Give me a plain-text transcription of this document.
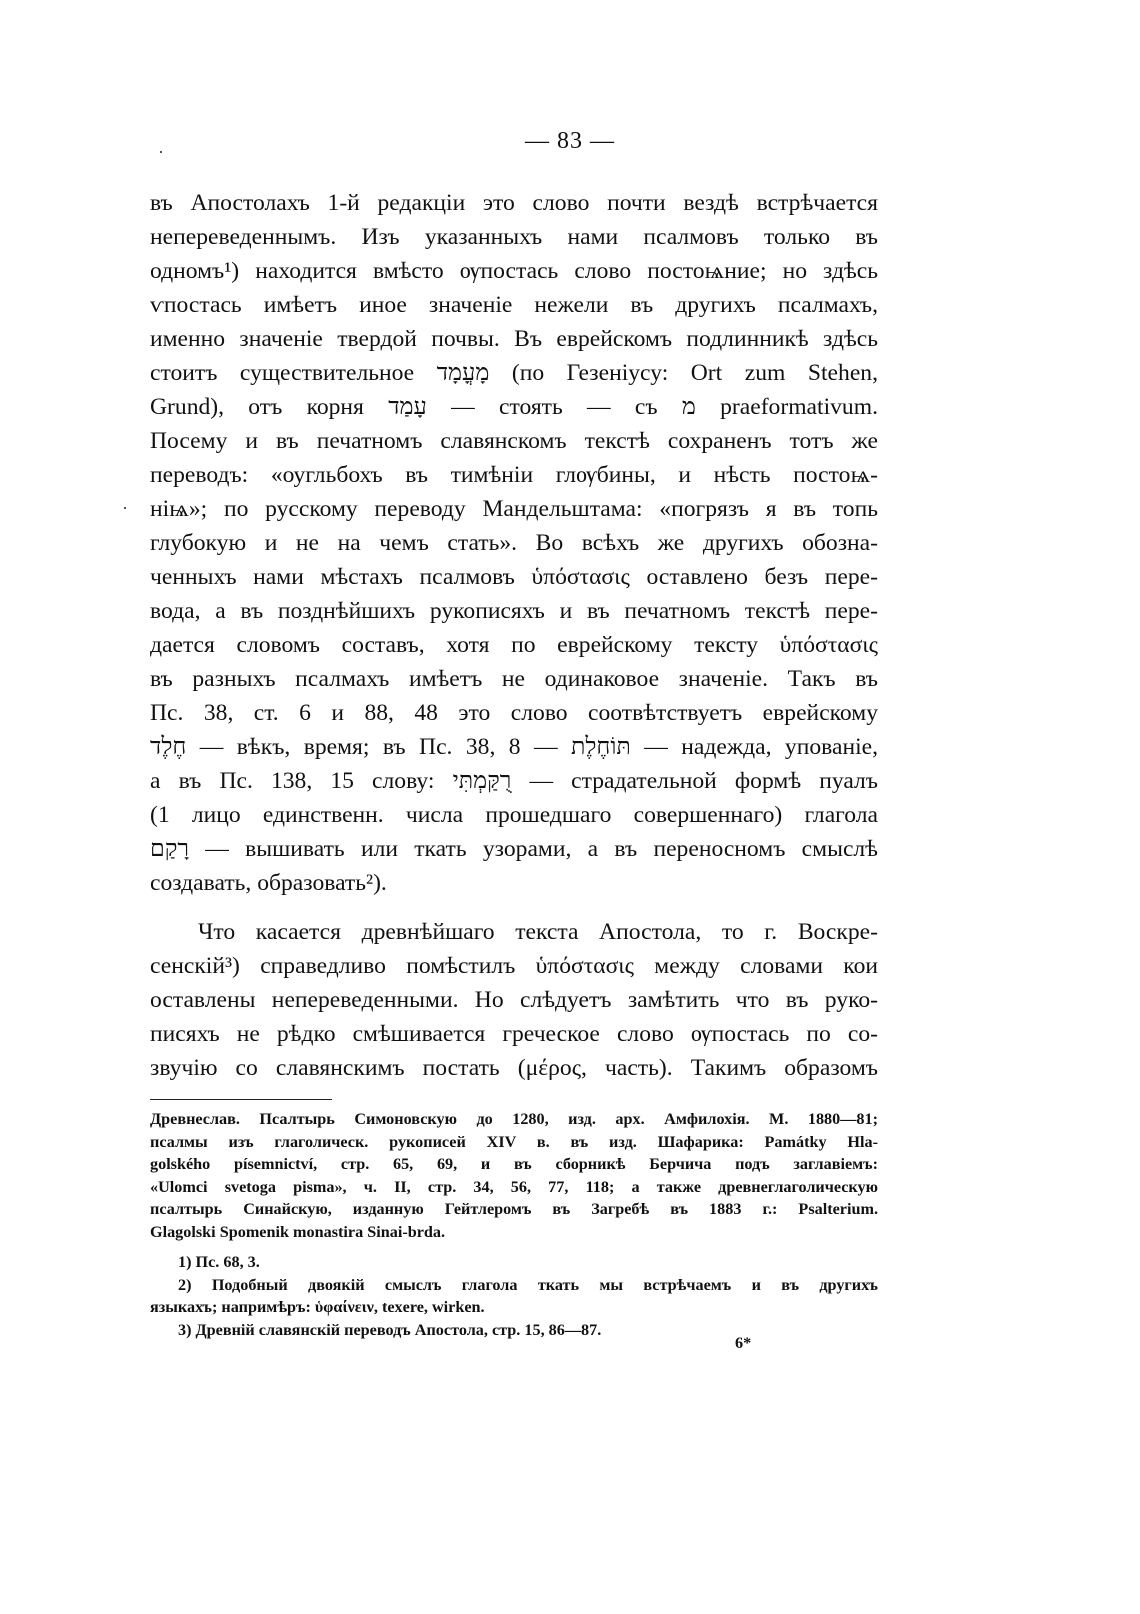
— 83 —
·
·
въ Апостолахъ 1-й редакціи это слово почти вездѣ встрѣчается
непереведеннымъ. Изъ указанныхъ нами псалмовъ только въ
одномъ¹) находится вмѣсто ѹпостась слово постоѩние; но здѣсь
ѵпостась имѣетъ иное значеніе нежели въ другихъ псалмахъ,
именно значеніе твердой почвы. Въ еврейскомъ подлинникѣ здѣсь
стоитъ существительное מָעֳמָד (по Гезеніусу: Ort zum Stehen,
Grund), отъ корня עָמַד — стоять — съ מ praeformativum.
Посему и въ печатномъ славянскомъ текстѣ сохраненъ тотъ же
переводъ: «оугльбохъ въ тимѣніи глѹбины, и нѣсть постоѩ-
ніѩ»; по русскому переводу Мандельштама: «погрязъ я въ топь
глубокую и не на чемъ стать». Во всѣхъ же другихъ обозна-
ченныхъ нами мѣстахъ псалмовъ ὑπόστασις оставлено безъ пере-
вода, а въ позднѣйшихъ рукописяхъ и въ печатномъ текстѣ пере-
дается словомъ составъ, хотя по еврейскому тексту ὑπόστασις
въ разныхъ псалмахъ имѣетъ не одинаковое значеніе. Такъ въ
Пс. 38, ст. 6 и 88, 48 это слово соотвѣтствуетъ еврейскому
חֶלֶד — вѣкъ, время; въ Пс. 38, 8 — תּוֹחֶלֶת — надежда, упованіе,
а въ Пс. 138, 15 слову: רֻקַּמְתִּי — страдательной формѣ пуалъ
(1 лицо единственн. числа прошедшаго совершеннаго) глагола
רָקַם — вышивать или ткать узорами, а въ переносномъ смыслѣ
создавать, образовать²).
Что касается древнѣйшаго текста Апостола, то г. Воскре-
сенскій³) справедливо помѣстилъ ὑπόστασις между словами кои
оставлены непереведенными. Но слѣдуетъ замѣтить что въ руко-
писяхъ не рѣдко смѣшивается греческое слово ѹпостась по со-
звучію со славянскимъ постать (μέρος, часть). Такимъ образомъ
Древнеслав. Псалтырь Симоновскую до 1280, изд. арх. Амфилохія. М. 1880—81;
псалмы изъ глаголическ. рукописей XIV в. въ изд. Шафарика: Památky Hla-
golského písemnictví, стр. 65, 69, и въ сборникѣ Берчича подъ заглавіемъ:
«Ulomci svetoga pisma», ч. II, стр. 34, 56, 77, 118; а также древнеглаголическую
псалтырь Синайскую, изданную Гейтлеромъ въ Загребѣ въ 1883 г.: Psalterium.
Glagolski Spomenik monastira Sinai-brda.
1) Пс. 68, 3.
2) Подобный двоякій смыслъ глагола ткать мы встрѣчаемъ и въ другихъ
языкахъ; напримѣръ: ὑφαίνειν, texere, wirken.
3) Древній славянскій переводъ Апостола, стр. 15, 86—87.
6*
